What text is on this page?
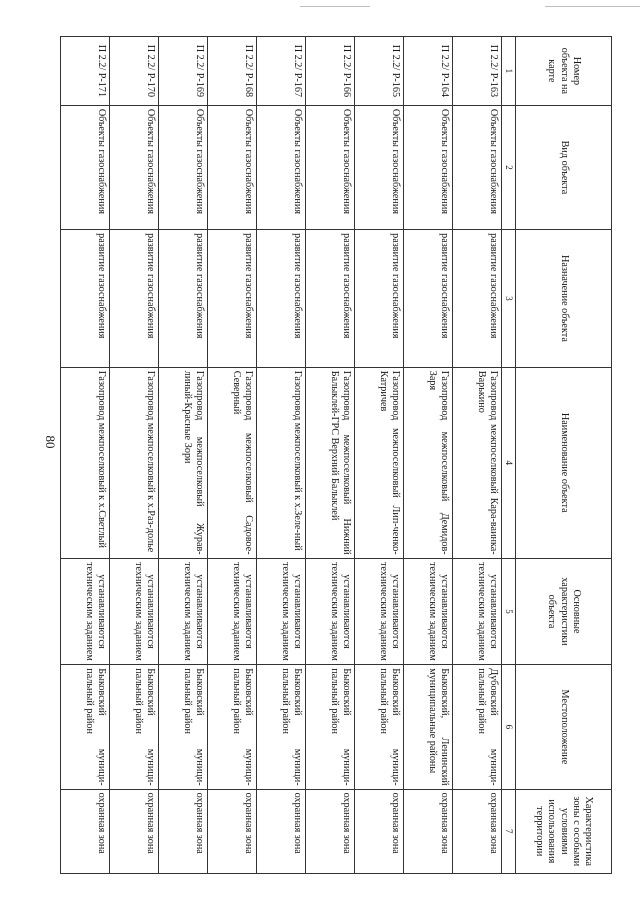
80
Номер объекта на карте	Вид объекта	Назначение объекта	Наименование объекта	Основные характеристики объекта	Местоположение	Характеристика зоны с особыми условиями использования территории
1	2	3	4	5	6	7
П 2.2/ Р-163	Объекты газоснабжения	развитие газоснабжения	Газопровод межпоселковый Кара-ваинка-Варькино	устанавливаются техническим заданием	Дубовский муници-пальный район	охранная зона
П 2.2/ Р-164	Объекты газоснабжения	развитие газоснабжения	Газопровод межпоселковый Демидов-Заря	устанавливаются техническим заданием	Быковский, Ленинский муниципальные районы	охранная зона
П 2.2/ Р-165	Объекты газоснабжения	развитие газоснабжения	Газопровод межпоселковый Лип-ченко-Катричев	устанавливаются техническим заданием	Быковский муници-пальный район	охранная зона
П 2.2/ Р-166	Объекты газоснабжения	развитие газоснабжения	Газопровод межпоселковый Нижний Балыклей-ГРС Верхний Балыклей	устанавливаются техническим заданием	Быковский муници-пальный район	охранная зона
П 2.2/ Р-167	Объекты газоснабжения	развитие газоснабжения	Газопровод межпоселковый к х.Зеле-ный	устанавливаются техническим заданием	Быковский муници-пальный район	охранная зона
П 2.2/ Р-168	Объекты газоснабжения	развитие газоснабжения	Газопровод межпоселковый Садовое-Северный	устанавливаются техническим заданием	Быковский муници-пальный район	охранная зона
П 2.2/ Р-169	Объекты газоснабжения	развитие газоснабжения	Газопровод межпоселковый Журав-линый-Красные Зори	устанавливаются техническим заданием	Быковский муници-пальный район	охранная зона
П 2.2/ Р-170	Объекты газоснабжения	развитие газоснабжения	Газопровод межпоселковый к х.Раз-долье	устанавливаются техническим заданием	Быковский муници-пальный район	охранная зона
П 2.2/ Р-171	Объекты газоснабжения	развитие газоснабжения	Газопровод межпоселковый к х.Светлый	устанавливаются техническим заданием	Быковский муници-пальный район	охранная зона
